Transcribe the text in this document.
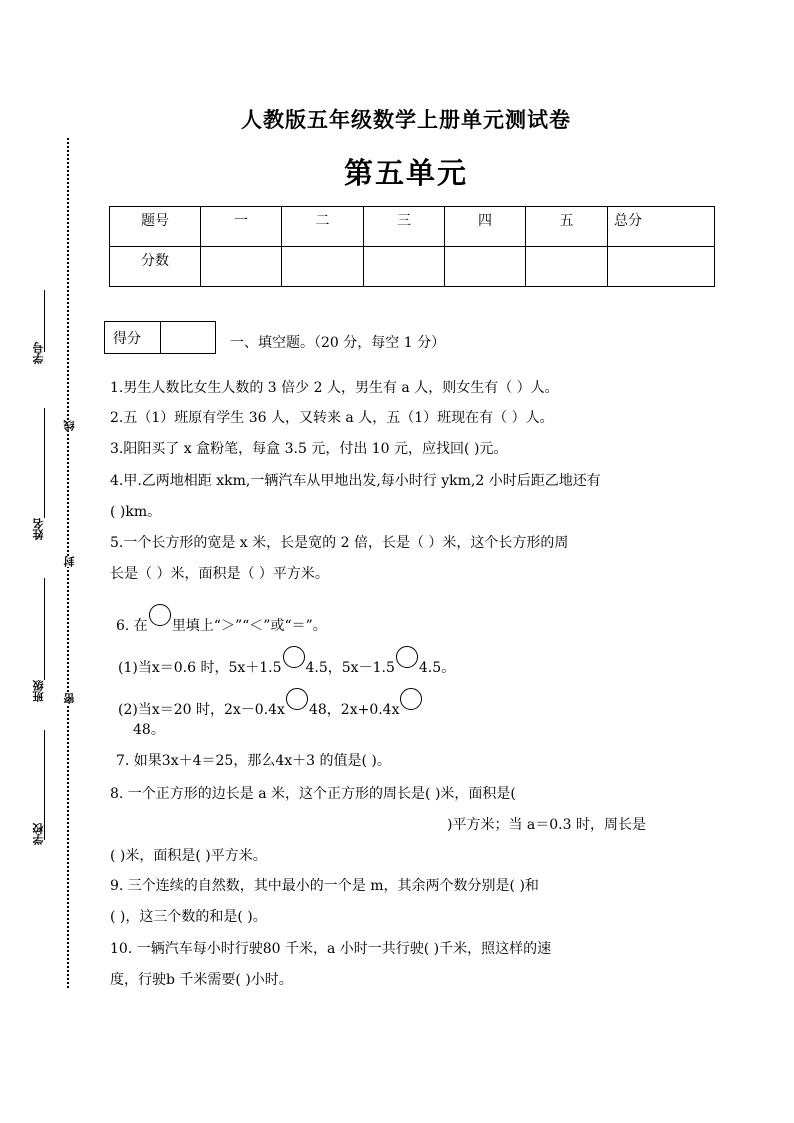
学号
姓名
班级
学校
线
封
密
人教版五年级数学上册单元测试卷
第五单元
题号	一	二	三	四	五	总分
分数						
得分	一、填空题。（20 分，每空 1 分）
1.男生人数比女生人数的 3 倍少 2 人，男生有 a 人，则女生有（ ）人。
2.五（1）班原有学生 36 人，又转来 a 人，五（1）班现在有（ ）人。
3.阳阳买了 x 盒粉笔，每盒 3.5 元，付出 10 元，应找回( )元。
4.甲.乙两地相距 xkm,一辆汽车从甲地出发,每小时行 ykm,2 小时后距乙地还有
( )km。
5.一个长方形的宽是 x 米，长是宽的 2 倍，长是（ ）米，这个长方形的周
长是（ ）米，面积是（ ）平方米。
6. 在 里填上“＞”“＜”或“＝”。
(1)当x＝0.6 时，5x＋1.5 4.5，5x－1.5 4.5。
(2)当x＝20 时，2x－0.4x 48，2x+0.4x
48。
7. 如果3x＋4＝25，那么4x＋3 的值是( )。
8. 一个正方形的边长是 a 米，这个正方形的周长是( )米，面积是(
)平方米；当 a＝0.3 时，周长是
( )米，面积是( )平方米。
9. 三个连续的自然数，其中最小的一个是 m，其余两个数分别是( )和
( )，这三个数的和是( )。
10. 一辆汽车每小时行驶80 千米，a 小时一共行驶( )千米，照这样的速
度，行驶b 千米需要( )小时。
